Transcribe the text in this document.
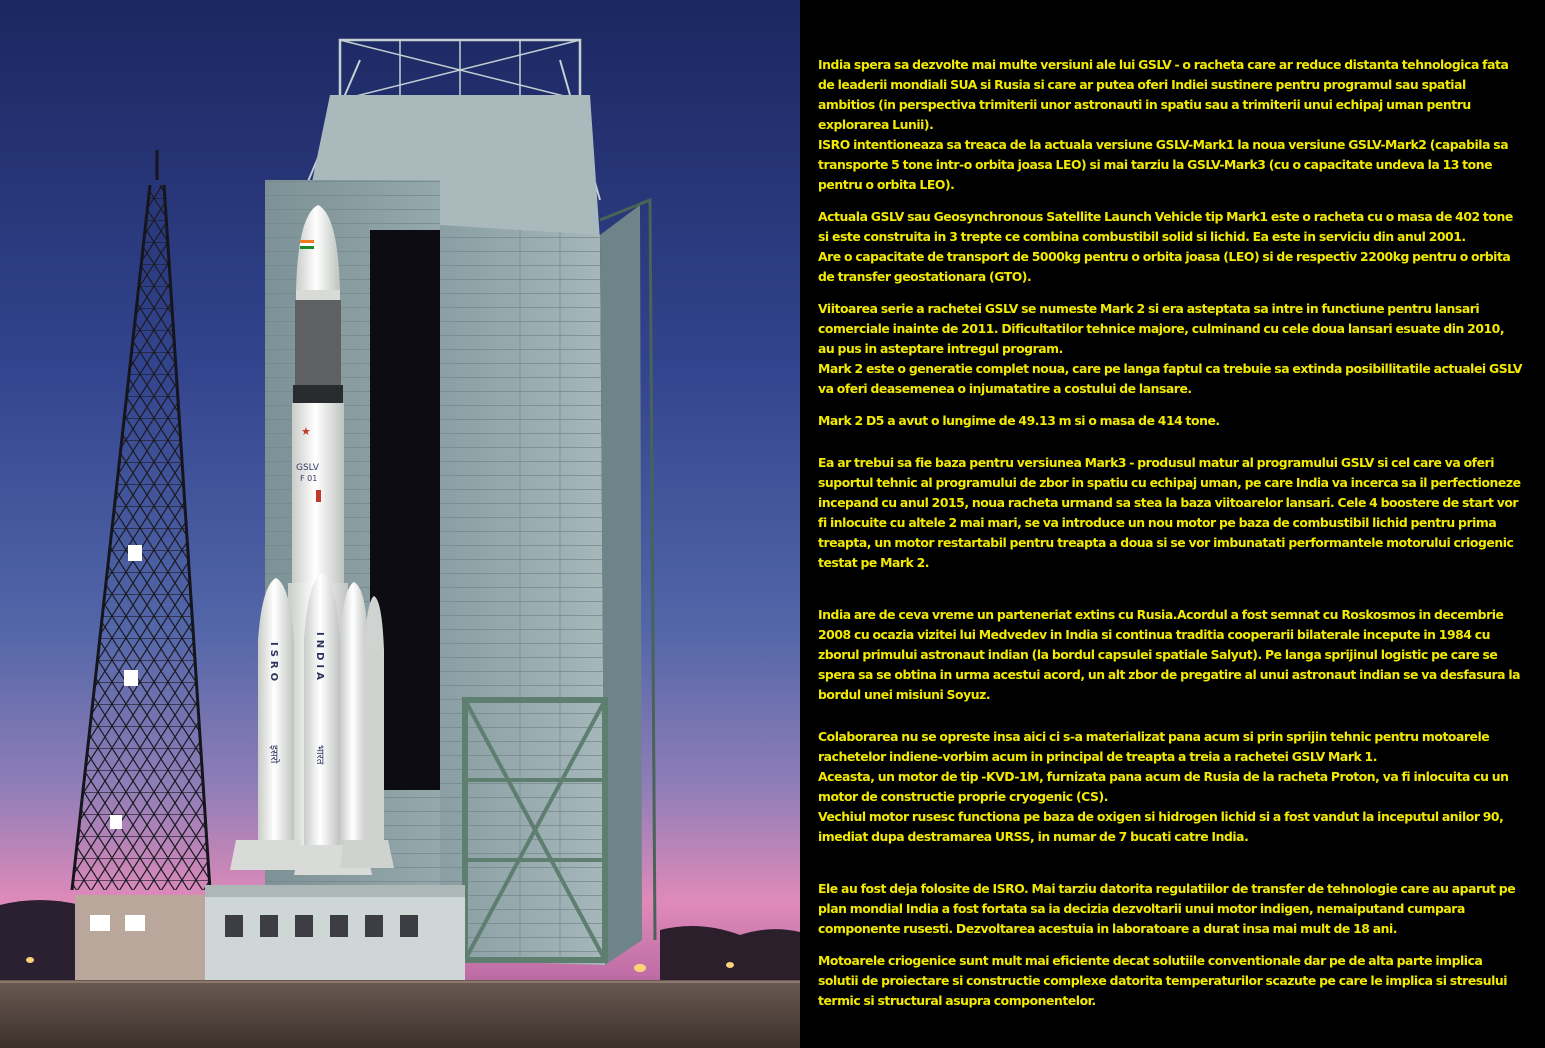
★
GSLV
F 01
ISRO	INDIA
इसरो	भारत

India spera sa dezvolte mai multe versiuni ale lui GSLV - o racheta care ar reduce distanta tehnologica fata de leaderii mondiali SUA si Rusia si care ar putea oferi Indiei sustinere pentru programul sau spatial ambitios (in perspectiva trimiterii unor astronauti in spatiu sau a trimiterii unui echipaj uman pentru explorarea Lunii).
ISRO intentioneaza sa treaca de la actuala versiune GSLV-Mark1 la noua versiune GSLV-Mark2 (capabila sa transporte 5 tone intr-o orbita joasa LEO) si mai tarziu la GSLV-Mark3 (cu o capacitate undeva la 13 tone pentru o orbita LEO).

Actuala GSLV sau Geosynchronous Satellite Launch Vehicle tip Mark1 este o racheta cu o masa de 402 tone si este construita in 3 trepte ce combina combustibil solid si lichid. Ea este in serviciu din anul 2001.
Are o capacitate de transport de 5000kg pentru o orbita joasa (LEO) si de respectiv 2200kg pentru o orbita de transfer geostationara (GTO).

Viitoarea serie a rachetei GSLV se numeste Mark 2 si era asteptata sa intre in functiune pentru lansari comerciale inainte de 2011. Dificultatilor tehnice majore, culminand cu cele doua lansari esuate din 2010, au pus in asteptare intregul program.
Mark 2 este o generatie complet noua, care pe langa faptul ca trebuie sa extinda posibillitatile actualei GSLV va oferi deasemenea o injumatatire a costului de lansare.

Mark 2 D5 a avut o lungime de 49.13 m si o masa de 414 tone.

Ea ar trebui sa fie baza pentru versiunea Mark3 - produsul matur al programului GSLV si cel care va oferi suportul tehnic al programului de zbor in spatiu cu echipaj uman, pe care India va incerca sa il perfectioneze incepand cu anul 2015, noua racheta urmand sa stea la baza viitoarelor lansari. Cele 4 boostere de start vor fi inlocuite cu altele 2 mai mari, se va introduce un nou motor pe baza de combustibil lichid pentru prima treapta, un motor restartabil pentru treapta a doua si se vor imbunatati performantele motorului criogenic testat pe Mark 2.

India are de ceva vreme un parteneriat extins cu Rusia.Acordul a fost semnat cu Roskosmos in decembrie 2008 cu ocazia vizitei lui Medvedev in India si continua traditia cooperarii bilaterale incepute in 1984 cu zborul primului astronaut indian (la bordul capsulei spatiale Salyut). Pe langa sprijinul logistic pe care se spera sa se obtina in urma acestui acord, un alt zbor de pregatire al unui astronaut indian se va desfasura la bordul unei misiuni Soyuz.

Colaborarea nu se opreste insa aici ci s-a materializat pana acum si prin sprijin tehnic pentru motoarele rachetelor indiene-vorbim acum in principal de treapta a treia a rachetei GSLV Mark 1.
Aceasta, un motor de tip -KVD-1M, furnizata pana acum de Rusia de la racheta Proton, va fi inlocuita cu un motor de constructie proprie cryogenic (CS).
Vechiul motor rusesc functiona pe baza de oxigen si hidrogen lichid si a fost vandut la inceputul anilor 90, imediat dupa destramarea URSS, in numar de 7 bucati catre India.

Ele au fost deja folosite de ISRO. Mai tarziu datorita regulatiilor de transfer de tehnologie care au aparut pe plan mondial India a fost fortata sa ia decizia dezvoltarii unui motor indigen, nemaiputand cumpara componente rusesti. Dezvoltarea acestuia in laboratoare a durat insa mai mult de 18 ani.

Motoarele criogenice sunt mult mai eficiente decat solutiile conventionale dar pe de alta parte implica solutii de proiectare si constructie complexe datorita temperaturilor scazute pe care le implica si stresului termic si structural asupra componentelor.
